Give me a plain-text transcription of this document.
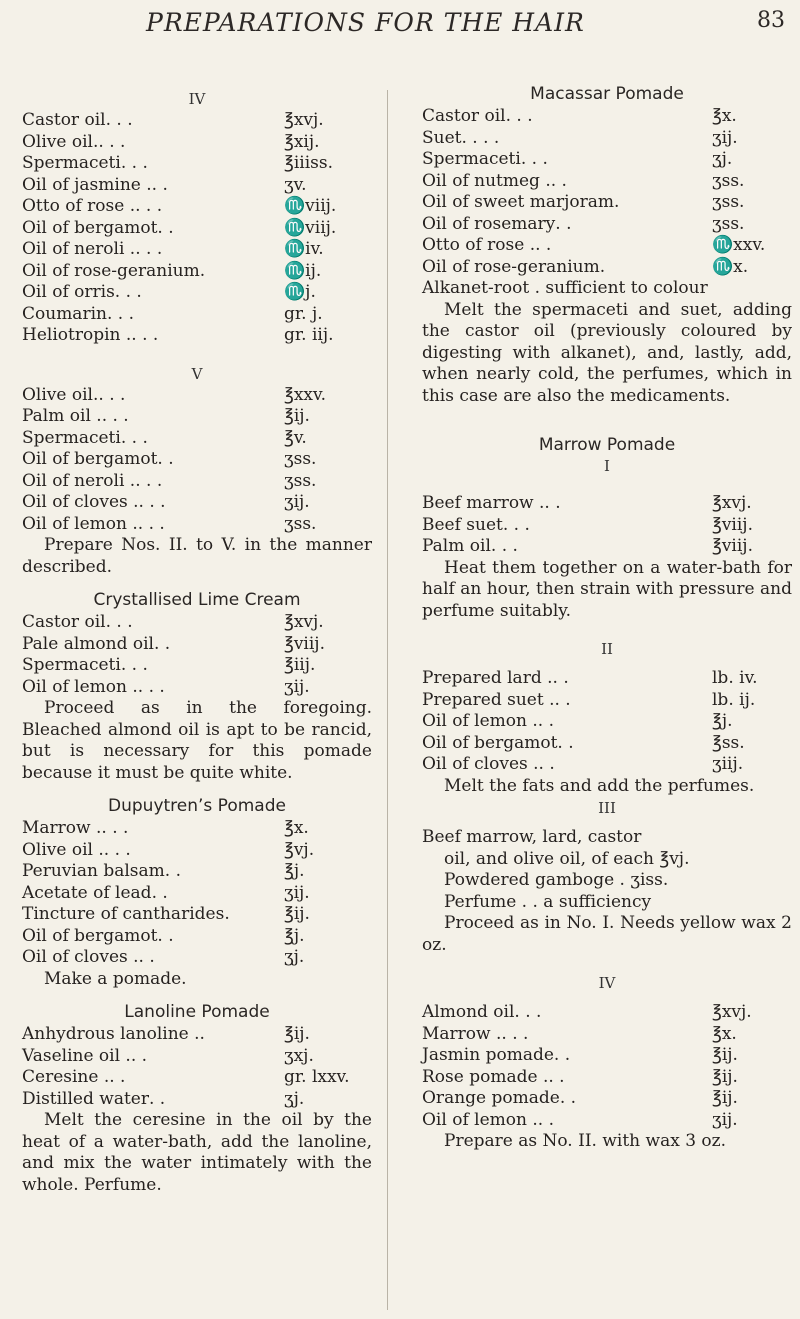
PREPARATIONS FOR THE HAIR	83
IV
Castor oil . . .	℥xvj.
Olive oil. . . .	℥xij.
Spermaceti . . .	℥iiiss.
Oil of jasmine . . .	ʒv.
Otto of rose . . . .	♏viij.
Oil of bergamot . .	♏viij.
Oil of neroli . . . .	♏iv.
Oil of rose-geranium .	♏ij.
Oil of orris . . .	♏j.
Coumarin . . .	gr. j.
Heliotropin . . . .	gr. iij.
V
Olive oil. . . .	℥xxv.
Palm oil . . . .	℥ij.
Spermaceti . . .	℥v.
Oil of bergamot . .	ʒss.
Oil of neroli . . . .	ʒss.
Oil of cloves . . . .	ʒij.
Oil of lemon . . . .	ʒss.

Prepare Nos. II. to V. in the manner described.

Crystallised Lime Cream
Castor oil . . .	℥xvj.
Pale almond oil . .	℥viij.
Spermaceti . . .	℥iij.
Oil of lemon . . . .	ʒij.

Proceed as in the foregoing. Bleached almond oil is apt to be rancid, but is necessary for this pomade because it must be quite white.

Dupuytren’s Pomade
Marrow . . . .	℥x.
Olive oil . . . .	℥vj.
Peruvian balsam . .	℥j.
Acetate of lead . .	ʒij.
Tincture of cantharides .	℥ij.
Oil of bergamot . .	℥j.
Oil of cloves . . .	ʒj.

Make a pomade.

Lanoline Pomade
Anhydrous lanoline . .	℥ij.
Vaseline oil . . .	ʒxj.
Ceresine . . .	gr. lxxv.
Distilled water . .	ʒj.

Melt the ceresine in the oil by the heat of a water-bath, add the lanoline, and mix the water intimately with the whole. Perfume.

Macassar Pomade
Castor oil . . .	℥x.
Suet . . . .	ʒij.
Spermaceti . . .	ʒj.
Oil of nutmeg . . .	ʒss.
Oil of sweet marjoram .	ʒss.
Oil of rosemary . .	ʒss.
Otto of rose . . .	♏xxv.
Oil of rose-geranium .	♏x.
Alkanet-root . sufficient to colour

Melt the spermaceti and suet, adding the castor oil (previously coloured by digesting with alkanet), and, lastly, add, when nearly cold, the perfumes, which in this case are also the medicaments.

Marrow Pomade
I
Beef marrow . . .	℥xvj.
Beef suet . . .	℥viij.
Palm oil . . .	℥viij.

Heat them together on a water-bath for half an hour, then strain with pressure and perfume suitably.

II
Prepared lard . . .	lb. iv.
Prepared suet . . .	lb. ij.
Oil of lemon . . .	℥j.
Oil of bergamot . .	℥ss.
Oil of cloves . . .	ʒiij.

Melt the fats and add the perfumes.

III
Beef marrow, lard, castor
oil, and olive oil, of each ℥vj.
Powdered gamboge . ʒiss.
Perfume . . a sufficiency

Proceed as in No. I. Needs yellow wax 2 oz.

IV
Almond oil . . .	℥xvj.
Marrow . . . .	℥x.
Jasmin pomade . .	℥ij.
Rose pomade . . .	℥ij.
Orange pomade . .	℥ij.
Oil of lemon . . .	ʒij.

Prepare as No. II. with wax 3 oz.
